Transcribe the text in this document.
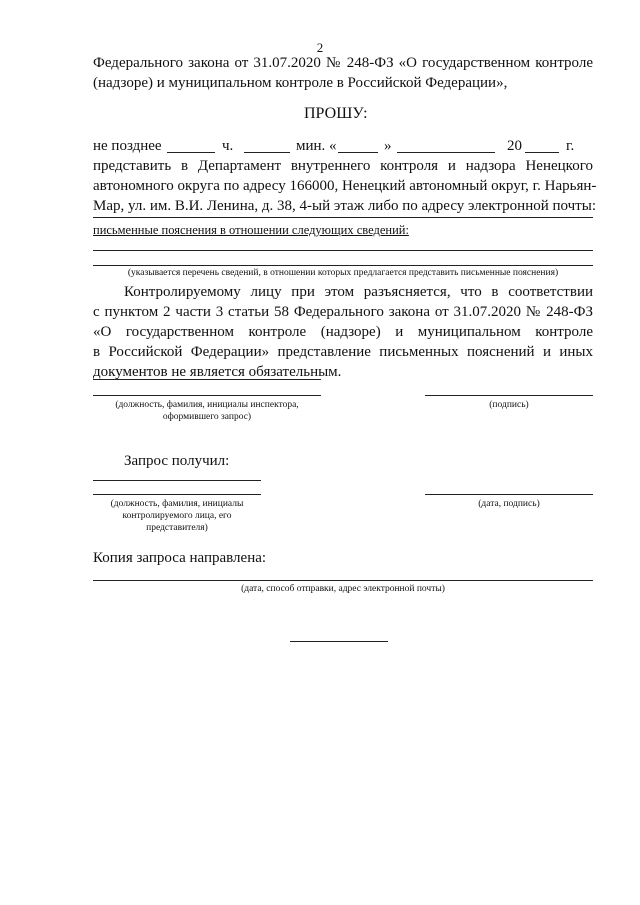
2
Федерального закона от 31.07.2020 № 248-ФЗ «О государственном контроле
(надзоре) и муниципальном контроле в Российской Федерации»,
ПРОШУ:
не позднее	ч.	мин. «	»	20	г.
представить в Департамент внутреннего контроля и надзора Ненецкого
автономного округа по адресу 166000, Ненецкий автономный округ, г. Нарьян-
Мар, ул. им. В.И. Ленина, д. 38, 4-ый этаж либо по адресу электронной почты:
письменные пояснения в отношении следующих сведений:
(указывается перечень сведений, в отношении которых предлагается представить письменные пояснения)
Контролируемому лицу при этом разъясняется, что в соответствии
с пунктом 2 части 3 статьи 58 Федерального закона от 31.07.2020 № 248-ФЗ
«О государственном контроле (надзоре) и муниципальном контроле
в Российской Федерации» представление письменных пояснений и иных
документов не является обязательным.
(должность, фамилия, инициалы инспектора,
оформившего запрос)
(подпись)
Запрос получил:
(должность, фамилия, инициалы
контролируемого лица, его
представителя)
(дата, подпись)
Копия запроса направлена:
(дата, способ отправки, адрес электронной почты)
